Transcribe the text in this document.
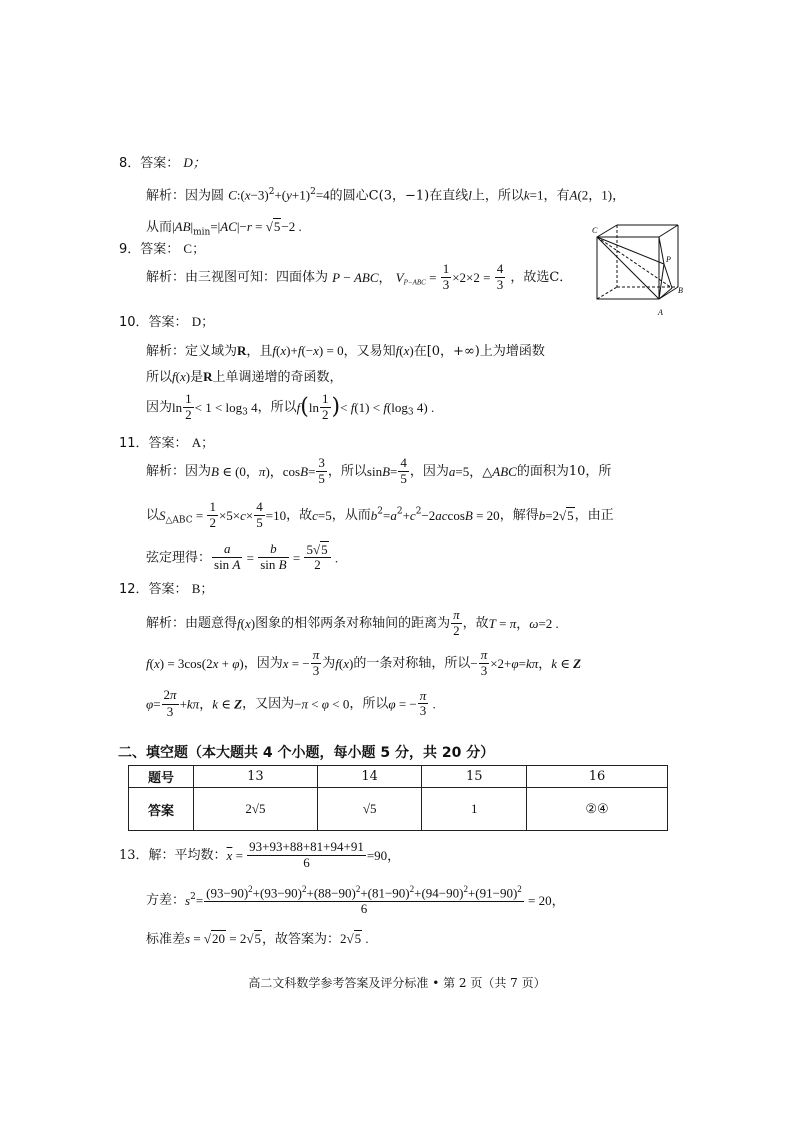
8．答案： D；
解析：因为圆 $C:(x-3)^2+(y+1)^2=4$的圆心C(3，−1)在直线l上，所以k=1，有A(2，1)，
从而$|AB|_{min}=|AC|-r = √5-2$ .
9．答案： C；
解析：由三视图可知：四面体为 P − ABC， $V_{P-ABC} = \frac{1}{3} \times 2\times 2 = \frac{4}{3}$ ，故选C．
C
P
B
A
10．答案： D；
解析：定义域为R，且f(x)+f(−x) = 0，又易知f(x)在[0，+∞)上为增函数
所以f(x)是R上单调递增的奇函数，
因为$\ln \frac{1}{2} < 1 < \log_3 4$，所以$f(\ln \frac{1}{2}$ )< $f(1) < f(\log_3$ 4) .
11．答案： A；
解析：因为B ∈ (0，π)，$\cos B= \frac{3}{5}$ ，所以$\sin B= \frac{4}{5}$ ，因为a=5，△ABC的面积为10，所
以$S_{\triangle ABC} = \frac{1}{2} \times 5\times c\times \frac{4}{5} =10$，故c=5，从而$b^2=a^2+c^2-2accosB = 20$，解得b=2√5，由正
弦定理得： $\frac{a}{\text{sin A}} = \frac{b}{\text{sin B}} = \frac{5√5}{2}$ .
12．答案： B；
解析：由题意得f(x)图象的相邻两条对称轴间的距离为 $\frac{\pi}{2}$ ，故T = π，ω=2 .
f(x) = 3cos(2x + φ)，因为x = − $\frac{\pi}{3}$ 为f(x)的一条对称轴，所以− $\frac{\pi}{3} \times 2+\varphi=k\pi$，k ∈ Z
$\varphi= \frac{2\pi}{3} +k\pi$，k ∈ Z，又因为−π < φ < 0，所以φ = − $\frac{\pi}{3}$ .
二、填空题（本大题共 4 个小题，每小题 5 分，共 20 分）
题号	13	14	15	16
答案	2√5	√5	1	②④
13．解：平均数：$\overline{x} = \frac{93+93+88+81+94+91}{6} =90$，
方差：$s^2= \frac{(93-90)^2+(93-90)^2+(88-90)^2+(81-90)^2+(94-90)^2+(91-90)^2}{6} = 20$，
标准差s = √20 = 2√5，故答案为：2√5 .
高二文科数学参考答案及评分标准 • 第 2 页（共 7 页）
